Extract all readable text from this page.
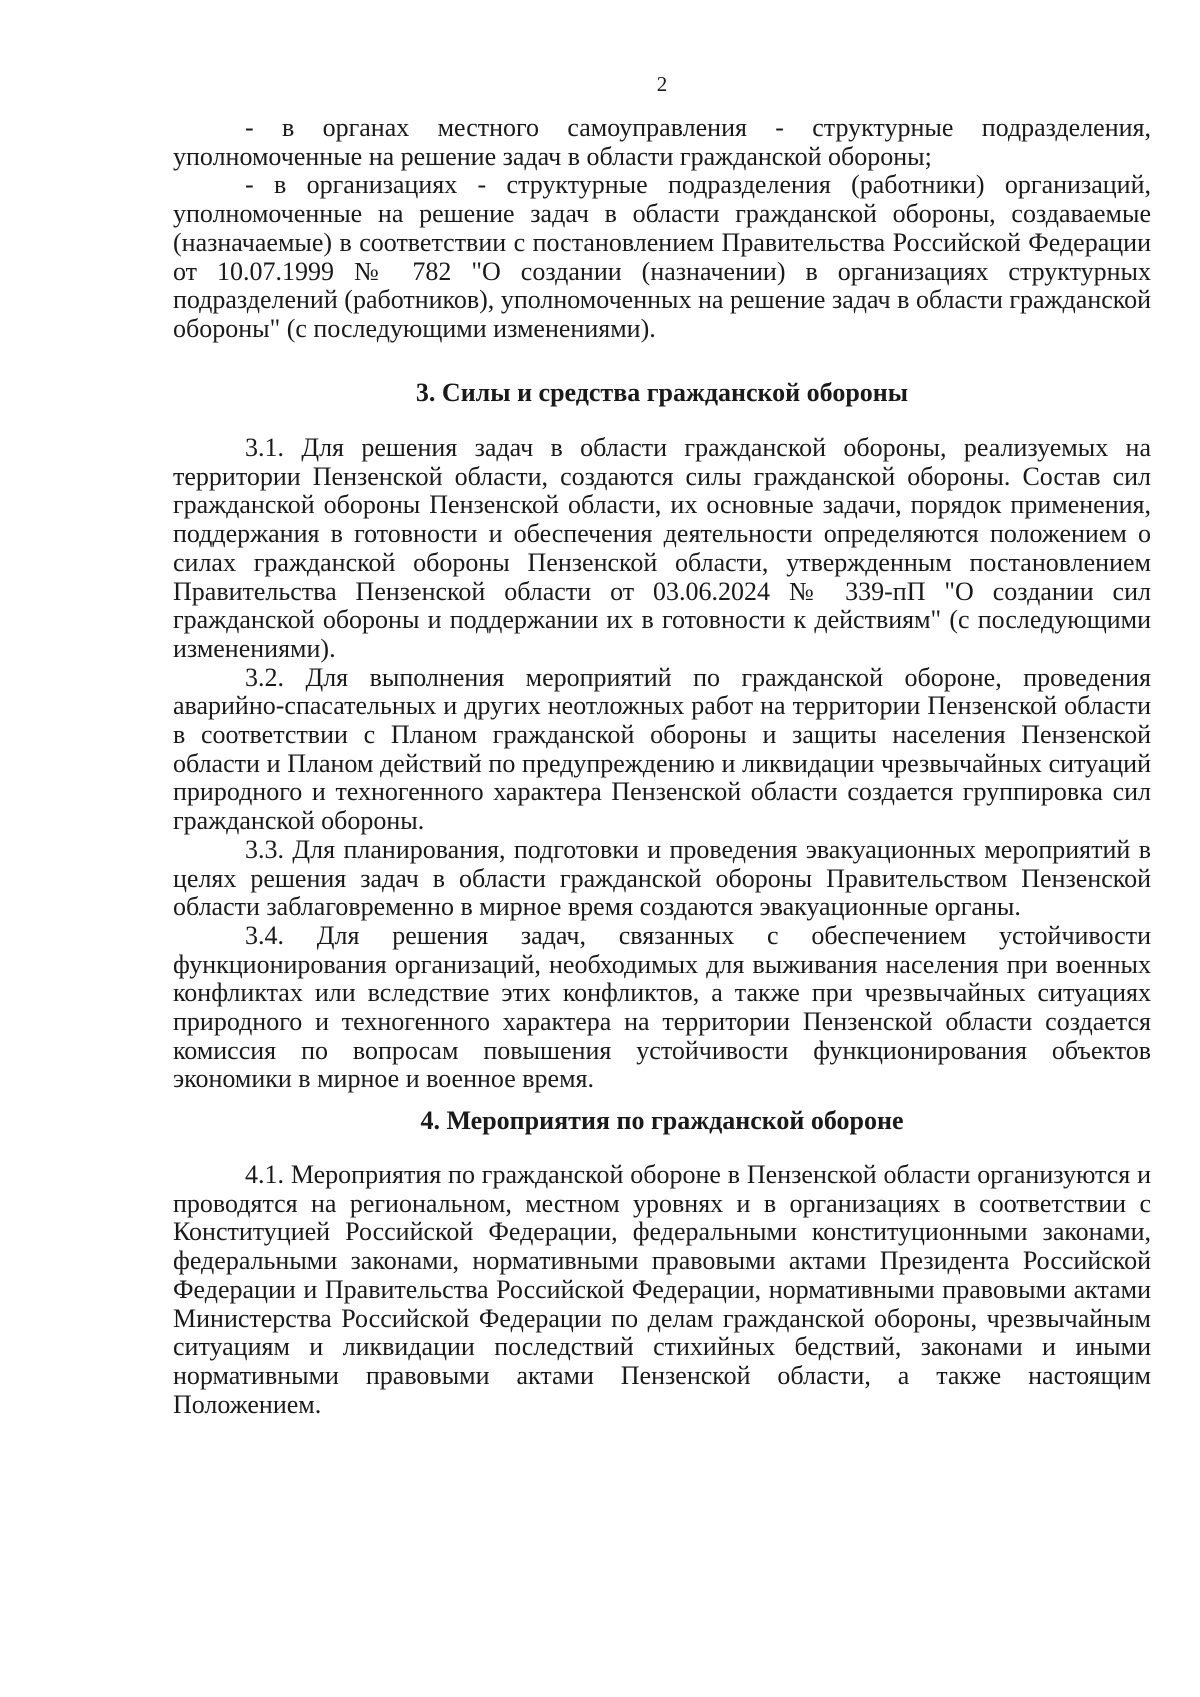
2

- в органах местного самоуправления - структурные подразделения, уполномоченные на решение задач в области гражданской обороны;

- в организациях - структурные подразделения (работники) организаций, уполномоченные на решение задач в области гражданской обороны, создаваемые (назначаемые) в соответствии с постановлением Правительства Российской Федерации от 10.07.1999 № 782 "О создании (назначении) в организациях структурных подразделений (работников), уполномоченных на решение задач в области гражданской обороны" (с последующими изменениями).

3. Силы и средства гражданской обороны

3.1. Для решения задач в области гражданской обороны, реализуемых на территории Пензенской области, создаются силы гражданской обороны. Состав сил гражданской обороны Пензенской области, их основные задачи, порядок применения, поддержания в готовности и обеспечения деятельности определяются положением о силах гражданской обороны Пензенской области, утвержденным постановлением Правительства Пензенской области от 03.06.2024 № 339-пП "О создании сил гражданской обороны и поддержании их в готовности к действиям" (с последующими изменениями).

3.2. Для выполнения мероприятий по гражданской обороне, проведения аварийно-спасательных и других неотложных работ на территории Пензенской области в соответствии с Планом гражданской обороны и защиты населения Пензенской области и Планом действий по предупреждению и ликвидации чрезвычайных ситуаций природного и техногенного характера Пензенской области создается группировка сил гражданской обороны.

3.3. Для планирования, подготовки и проведения эвакуационных мероприятий в целях решения задач в области гражданской обороны Правительством Пензенской области заблаговременно в мирное время создаются эвакуационные органы.

3.4. Для решения задач, связанных с обеспечением устойчивости функционирования организаций, необходимых для выживания населения при военных конфликтах или вследствие этих конфликтов, а также при чрезвычайных ситуациях природного и техногенного характера на территории Пензенской области создается комиссия по вопросам повышения устойчивости функционирования объектов экономики в мирное и военное время.

4. Мероприятия по гражданской обороне

4.1. Мероприятия по гражданской обороне в Пензенской области организуются и проводятся на региональном, местном уровнях и в организациях в соответствии с Конституцией Российской Федерации, федеральными конституционными законами, федеральными законами, нормативными правовыми актами Президента Российской Федерации и Правительства Российской Федерации, нормативными правовыми актами Министерства Российской Федерации по делам гражданской обороны, чрезвычайным ситуациям и ликвидации последствий стихийных бедствий, законами и иными нормативными правовыми актами Пензенской области, а также настоящим Положением.
